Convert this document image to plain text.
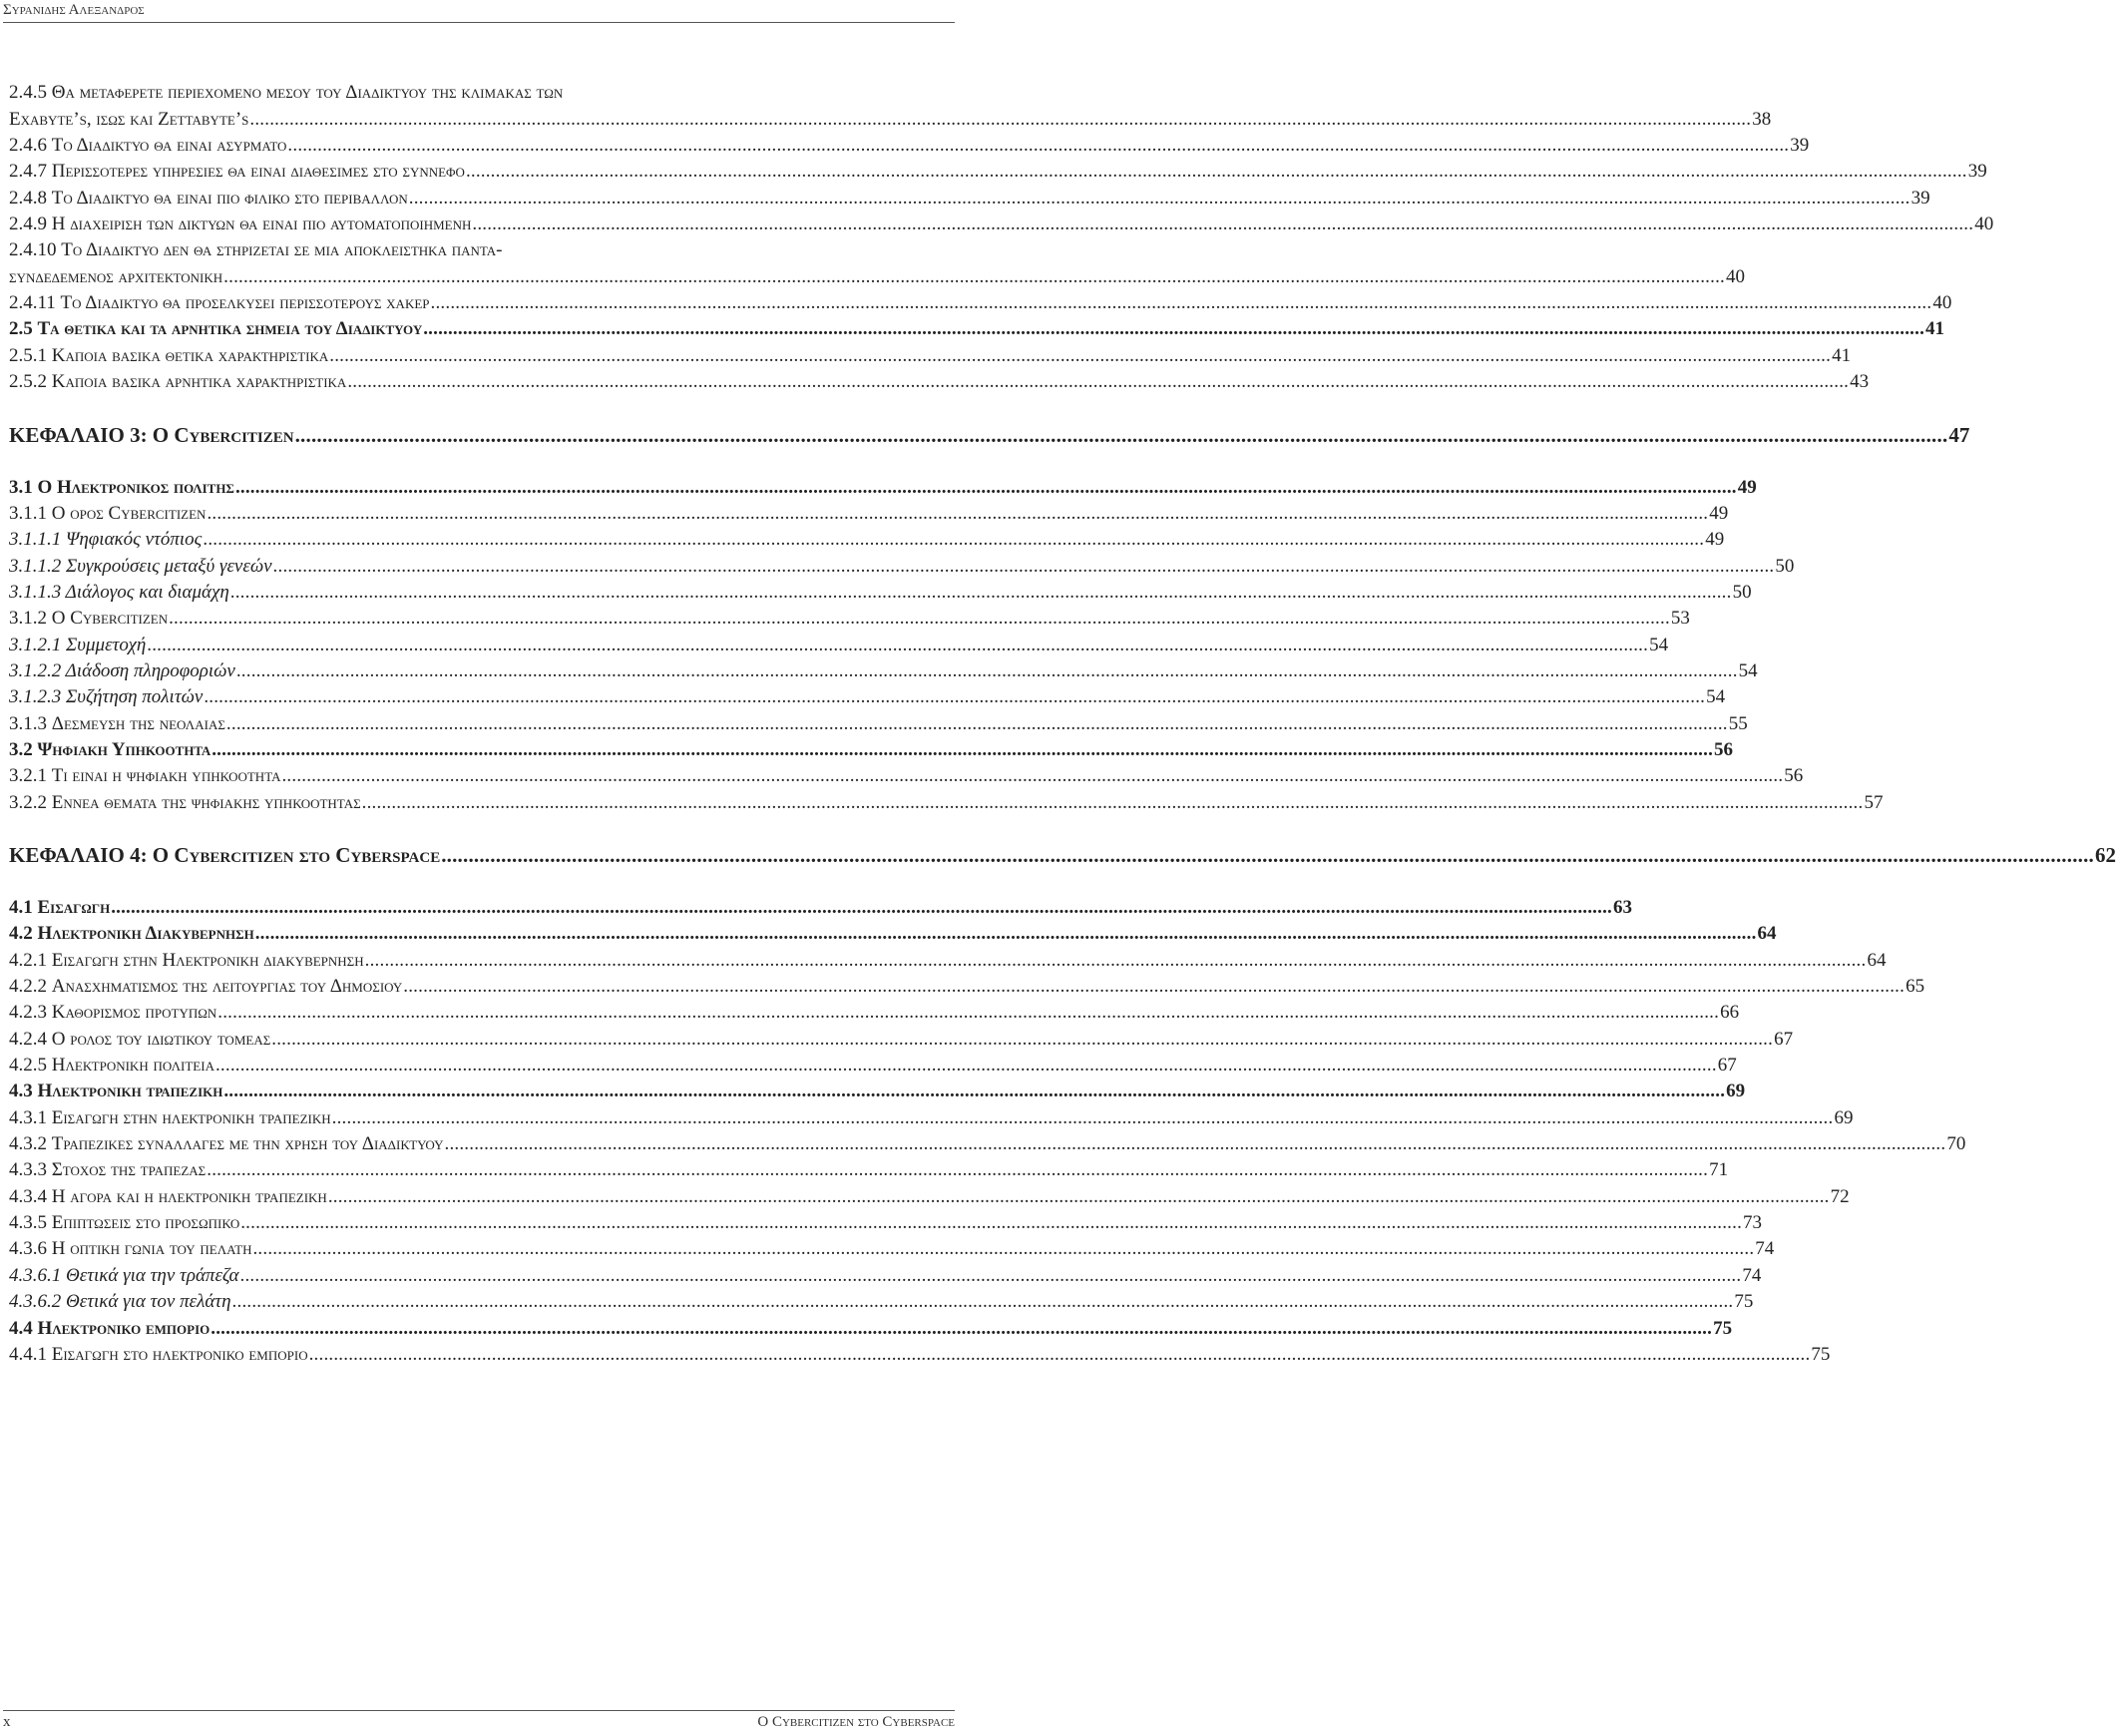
Συρανιδης Αλεξανδρος
2.4.5 Θα μεταφερετε περιεχομενο μεσου του Διαδικτυου της κλιμακας των
Exabyte’s, ισως και Zettabyte’s .....	38
2.4.6 Το Διαδικτυο θα ειναι ασυρματο .....	39
2.4.7 Περισσοτερες υπηρεσιες θα ειναι διαθεσιμες στο συννεφο .....	39
2.4.8 Το Διαδικτυο θα ειναι πιο φιλικο στο περιβαλλον .....	39
2.4.9 Η διαχειριση των δικτυων θα ειναι πιο αυτοματοποιημενη .....	40
2.4.10 Το Διαδικτυο δεν θα στηριζεται σε μια αποκλειστηκα παντα-
συνδεδεμενος αρχιτεκτονικη .....	40
2.4.11 Το Διαδικτυο θα προσελκυσει περισσοτερους χακερ .....	40
2.5 Τα θετικα και τα αρνητικα σημεια του Διαδικτυου .....	41
2.5.1 Καποια βασικα θετικα χαρακτηριστικα .....	41
2.5.2 Καποια βασικα αρνητικα χαρακτηριστικα .....	43
ΚΕΦΑΛΑΙΟ 3: Ο Cybercitizen .....	47
3.1 Ο Ηλεκτρονικος πολιτης .....	49
3.1.1 Ο ορος Cybercitizen .....	49
3.1.1.1 Ψηφιακός ντόπιος .....	49
3.1.1.2 Συγκρούσεις μεταξύ γενεών .....	50
3.1.1.3 Διάλογος και διαμάχη .....	50
3.1.2 Ο Cybercitizen .....	53
3.1.2.1 Συμμετοχή .....	54
3.1.2.2 Διάδοση πληροφοριών .....	54
3.1.2.3 Συζήτηση πολιτών .....	54
3.1.3 Δεσμευση της νεολαιας .....	55
3.2 Ψηφιακη Υπηκοοτητα .....	56
3.2.1 Τι ειναι η ψηφιακη υπηκοοτητα .....	56
3.2.2 Εννεα θεματα της ψηφιακης υπηκοοτητας .....	57
ΚΕΦΑΛΑΙΟ 4: Ο Cybercitizen στο Cyberspace .....	62
4.1 Εισαγωγη .....	63
4.2 Ηλεκτρονικη Διακυβερνηση .....	64
4.2.1 Εισαγωγη στην Ηλεκτρονικη διακυβερνηση .....	64
4.2.2 Αναςχηματισμος της λειτουργιας του Δημοσιου .....	65
4.2.3 Καθορισμος προτυπων .....	66
4.2.4 Ο ρολος του ιδιωτικου τομεας .....	67
4.2.5 Ηλεκτρονικη πολιτεια .....	67
4.3 Ηλεκτρονικη τραπεζικη .....	69
4.3.1 Εισαγωγη στην ηλεκτρονικη τραπεζικη .....	69
4.3.2 Τραπεζικες συναλλαγες με την χρηση του Διαδικτυου .....	70
4.3.3 Στοχος της τραπεζας .....	71
4.3.4 Η αγορα και η ηλεκτρονικη τραπεζικη .....	72
4.3.5 Επιπτωσεις στο προσωπικο .....	73
4.3.6 Η οπτικη γωνια του πελατη .....	74
4.3.6.1 Θετικά για την τράπεζα .....	74
4.3.6.2 Θετικά για τον πελάτη .....	75
4.4 Ηλεκτρονικο εμποριο .....	75
4.4.1 Εισαγωγη στο ηλεκτρονικο εμποριο .....	75
x	Ο Cybercitizen στο Cyberspace
